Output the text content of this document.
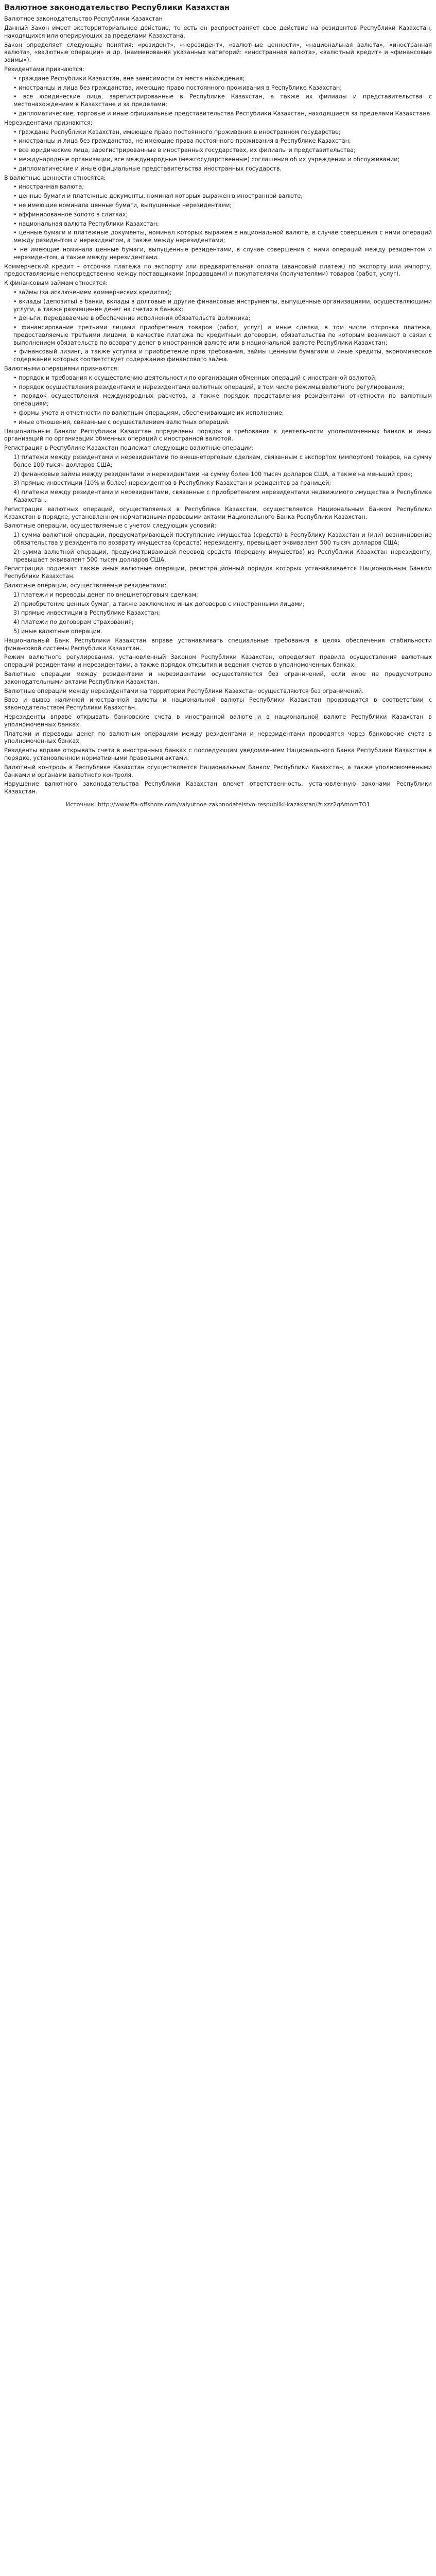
Валютное законодательство Республики Казахстан
Валютное законодательство Республики Казахстан
Данный Закон имеет экстерриториальное действие, то есть он распространяет свое действие на резидентов Республики Казахстан, находящихся или оперирующих за пределами Казахстана.
Закон определяет следующие понятия: «резидент», «нерезидент», «валютные ценности», «национальная валюта», «иностранная валюта», «валютные операции» и др. (наименования указанных категорий: «иностранная валюта», «валютный кредит» и «финансовые займы»).
Резидентами признаются:
• граждане Республики Казахстан, вне зависимости от места нахождения;
• иностранцы и лица без гражданства, имеющие право постоянного проживания в Республике Казахстан;
• все юридические лица, зарегистрированные в Республике Казахстан, а также их филиалы и представительства с местонахождением в Казахстане и за пределами;
• дипломатические, торговые и иные официальные представительства Республики Казахстан, находящиеся за пределами Казахстана.
Нерезидентами признаются:
• граждане Республики Казахстан, имеющие право постоянного проживания в иностранном государстве;
• иностранцы и лица без гражданства, не имеющие права постоянного проживания в Республике Казахстан;
• все юридические лица, зарегистрированные в иностранных государствах, их филиалы и представительства;
• международные организации, все международные (межгосударственные) соглашения об их учреждении и обслуживании;
• дипломатические и иные официальные представительства иностранных государств.
В валютные ценности относятся:
• иностранная валюта;
• ценные бумаги и платежные документы, номинал которых выражен в иностранной валюте;
• не имеющие номинала ценные бумаги, выпущенные нерезидентами;
• аффинированное золото в слитках;
• национальная валюта Республики Казахстан;
• ценные бумаги и платежные документы, номинал которых выражен в национальной валюте, в случае совершения с ними операций между резидентом и нерезидентом, а также между нерезидентами;
• не имеющие номинала ценные бумаги, выпущенные резидентами, в случае совершения с ними операций между резидентом и нерезидентом, а также между нерезидентами.
Коммерческий кредит – отсрочка платежа по экспорту или предварительная оплата (авансовый платеж) по экспорту или импорту, предоставляемые непосредственно между поставщиками (продавцами) и покупателями (получателями) товаров (работ, услуг).
К финансовым займам относятся:
• займы (за исключением коммерческих кредитов);
• вклады (депозиты) в банки, вклады в долговые и другие финансовые инструменты, выпущенные организациями, осуществляющими услуги, а также размещение денег на счетах в банках;
• деньги, передаваемые в обеспечение исполнения обязательств должника;
• финансирование третьими лицами приобретения товаров (работ, услуг) и иные сделки, в том числе отсрочка платежа, предоставляемые третьими лицами, в качестве платежа по кредитным договорам, обязательства по которым возникают в связи с выполнением обязательств по возврату денег в иностранной валюте или в национальной валюте Республики Казахстан;
• финансовый лизинг, а также уступка и приобретение прав требования, займы ценными бумагами и иные кредиты, экономическое содержание которых соответствует содержанию финансового займа.
Валютными операциями признаются:
• порядок и требования к осуществлению деятельности по организации обменных операций с иностранной валютой;
• порядок осуществления резидентами и нерезидентами валютных операций, в том числе режимы валютного регулирования;
• порядок осуществления международных расчетов, а также порядок представления резидентами отчетности по валютным операциям;
• формы учета и отчетности по валютным операциям, обеспечивающие их исполнение;
• иные отношения, связанные с осуществлением валютных операций.
Национальным Банком Республики Казахстан определены порядок и требования к деятельности уполномоченных банков и иных организаций по организации обменных операций с иностранной валютой.
Регистрация в Республике Казахстан подлежат следующие валютные операции:
1) платежи между резидентами и нерезидентами по внешнеторговым сделкам, связанным с экспортом (импортом) товаров, на сумму более 100 тысяч долларов США;
2) финансовые займы между резидентами и нерезидентами на сумму более 100 тысяч долларов США, а также на меньший срок;
3) прямые инвестиции (10% и более) нерезидентов в Республику Казахстан и резидентов за границей;
4) платежи между резидентами и нерезидентами, связанные с приобретением нерезидентами недвижимого имущества в Республике Казахстан.
Регистрация валютных операций, осуществляемых в Республике Казахстан, осуществляется Национальным Банком Республики Казахстан в порядке, установленном нормативными правовыми актами Национального Банка Республики Казахстан.
Валютные операции, осуществляемые с учетом следующих условий:
1) сумма валютной операции, предусматривающей поступление имущества (средств) в Республику Казахстан и (или) возникновение обязательства у резидента по возврату имущества (средств) нерезиденту, превышает эквивалент 500 тысяч долларов США;
2) сумма валютной операции, предусматривающей перевод средств (передачу имущества) из Республики Казахстан нерезиденту, превышает эквивалент 500 тысяч долларов США.
Регистрации подлежат также иные валютные операции, регистрационный порядок которых устанавливается Национальным Банком Республики Казахстан.
Валютные операции, осуществляемые резидентами:
1) платежи и переводы денег по внешнеторговым сделкам;
2) приобретение ценных бумаг, а также заключение иных договоров с иностранными лицами;
3) прямые инвестиции в Республике Казахстан;
4) платежи по договорам страхования;
5) иные валютные операции.
Национальный Банк Республики Казахстан вправе устанавливать специальные требования в целях обеспечения стабильности финансовой системы Республики Казахстан.
Режим валютного регулирования, установленный Законом Республики Казахстан, определяет правила осуществления валютных операций резидентами и нерезидентами, а также порядок открытия и ведения счетов в уполномоченных банках.
Валютные операции между резидентами и нерезидентами осуществляются без ограничений, если иное не предусмотрено законодательными актами Республики Казахстан.
Валютные операции между нерезидентами на территории Республики Казахстан осуществляются без ограничений.
Ввоз и вывоз наличной иностранной валюты и национальной валюты Республики Казахстан производятся в соответствии с законодательством Республики Казахстан.
Нерезиденты вправе открывать банковские счета в иностранной валюте и в национальной валюте Республики Казахстан в уполномоченных банках.
Платежи и переводы денег по валютным операциям между резидентами и нерезидентами проводятся через банковские счета в уполномоченных банках.
Резиденты вправе открывать счета в иностранных банках с последующим уведомлением Национального Банка Республики Казахстан в порядке, установленном нормативными правовыми актами.
Валютный контроль в Республике Казахстан осуществляется Национальным Банком Республики Казахстан, а также уполномоченными банками и органами валютного контроля.
Нарушение валютного законодательства Республики Казахстан влечет ответственность, установленную законами Республики Казахстан.
Источник: http://www.ffa-offshore.com/valyutnoe-zakonodatelstvo-respubliki-kazaxstan/#ixzz2gAmomTO1
